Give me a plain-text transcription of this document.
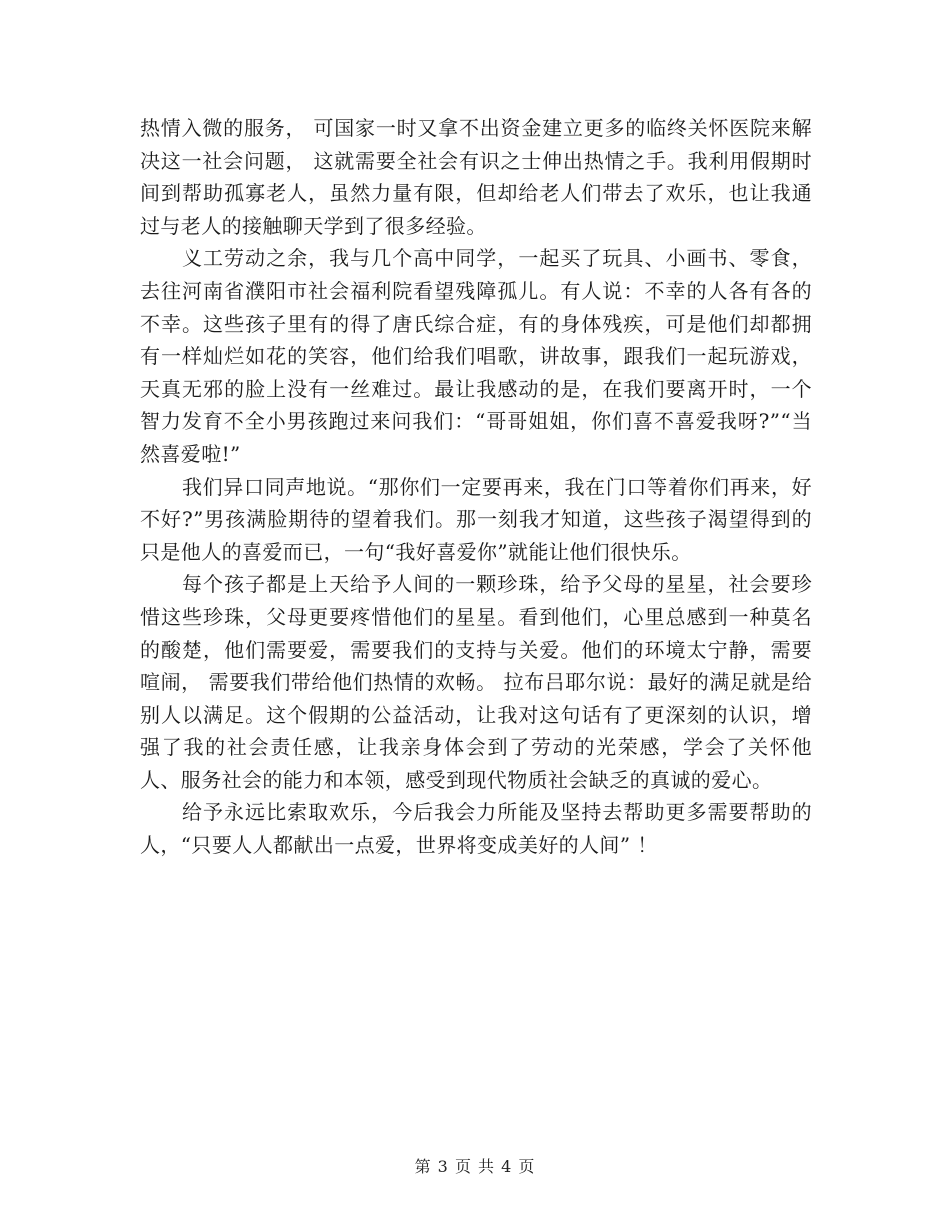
热情入微的服务， 可国家一时又拿不出资金建立更多的临终关怀医院来解决这一社会问题， 这就需要全社会有识之士伸出热情之手。我利用假期时间到帮助孤寡老人，虽然力量有限，但却给老人们带去了欢乐，也让我通过与老人的接触聊天学到了很多经验。

义工劳动之余，我与几个高中同学，一起买了玩具、小画书、零食，去往河南省濮阳市社会福利院看望残障孤儿。有人说：不幸的人各有各的不幸。这些孩子里有的得了唐氏综合症，有的身体残疾，可是他们却都拥有一样灿烂如花的笑容，他们给我们唱歌，讲故事，跟我们一起玩游戏，天真无邪的脸上没有一丝难过。最让我感动的是，在我们要离开时，一个智力发育不全小男孩跑过来问我们：“哥哥姐姐，你们喜不喜爱我呀?”“当然喜爱啦!”

我们异口同声地说。“那你们一定要再来，我在门口等着你们再来，好不好?”男孩满脸期待的望着我们。那一刻我才知道，这些孩子渴望得到的只是他人的喜爱而已，一句“我好喜爱你”就能让他们很快乐。

每个孩子都是上天给予人间的一颗珍珠，给予父母的星星，社会要珍惜这些珍珠，父母更要疼惜他们的星星。看到他们，心里总感到一种莫名的酸楚，他们需要爱，需要我们的支持与关爱。他们的环境太宁静，需要喧闹， 需要我们带给他们热情的欢畅。 拉布吕耶尔说：最好的满足就是给别人以满足。这个假期的公益活动，让我对这句话有了更深刻的认识，增强了我的社会责任感，让我亲身体会到了劳动的光荣感，学会了关怀他人、服务社会的能力和本领，感受到现代物质社会缺乏的真诚的爱心。

给予永远比索取欢乐，今后我会力所能及坚持去帮助更多需要帮助的人，“只要人人都献出一点爱，世界将变成美好的人间” ！

第 3 页 共 4 页
